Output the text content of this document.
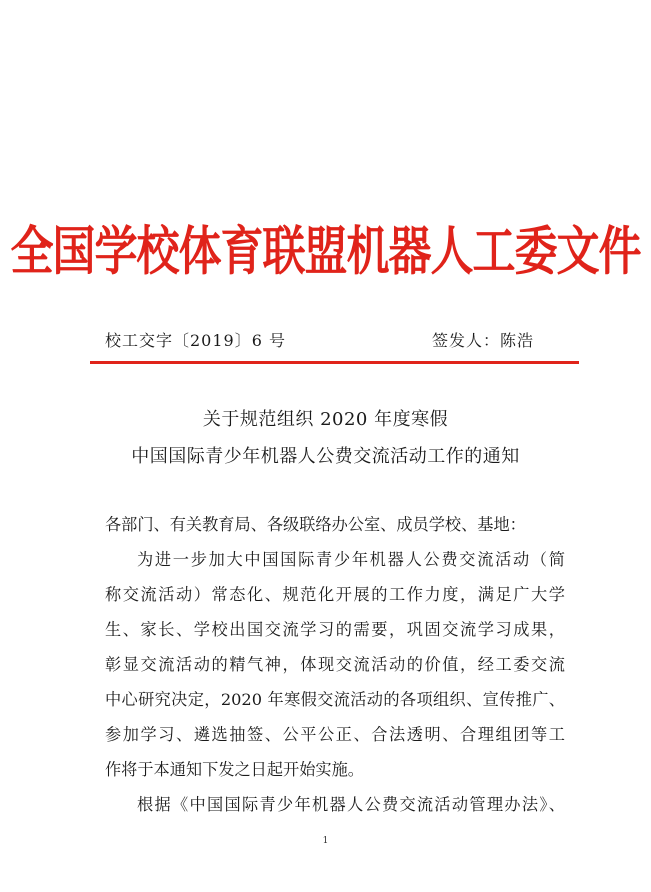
全国学校体育联盟机器人工委文件
校工交字〔2019〕6 号	签发人：陈浩
关于规范组织 2020 年度寒假
中国国际青少年机器人公费交流活动工作的通知
各部门、有关教育局、各级联络办公室、成员学校、基地：
为进一步加大中国国际青少年机器人公费交流活动（简
称交流活动）常态化、规范化开展的工作力度，满足广大学
生、家长、学校出国交流学习的需要，巩固交流学习成果，
彰显交流活动的精气神，体现交流活动的价值，经工委交流
中心研究决定，2020 年寒假交流活动的各项组织、宣传推广、
参加学习、遴选抽签、公平公正、合法透明、合理组团等工
作将于本通知下发之日起开始实施。
根据《中国国际青少年机器人公费交流活动管理办法》、
1
